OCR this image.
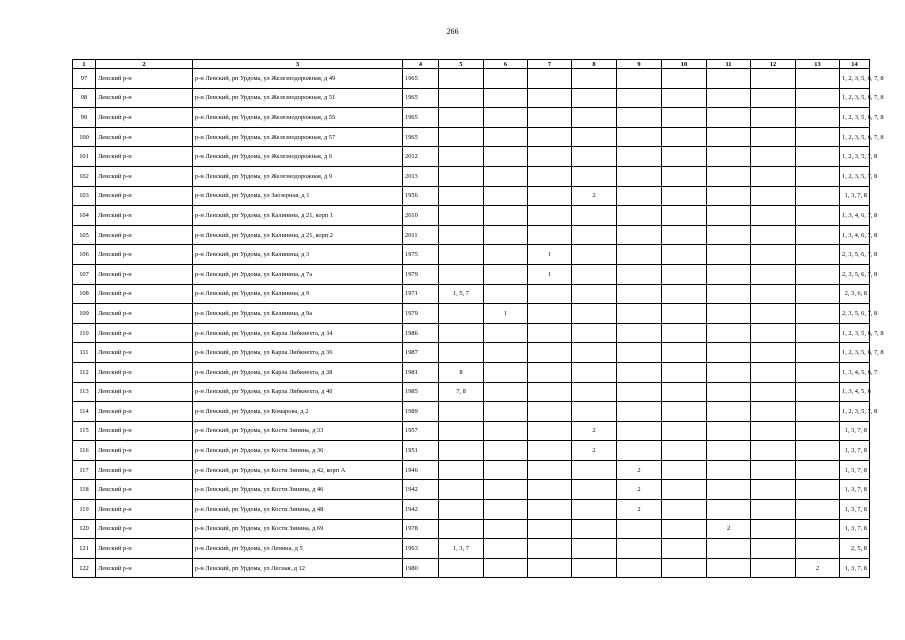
266
1	2	3	4	5	6	7	8	9	10	11	12	13	14
97	Ленский р-н	р-н Ленский, рп Урдома, ул Железнодорожная, д 49	1965										1, 2, 3, 5, 6, 7, 8
98	Ленский р-н	р-н Ленский, рп Урдома, ул Железнодорожная, д 51	1965										1, 2, 3, 5, 6, 7, 8
99	Ленский р-н	р-н Ленский, рп Урдома, ул Железнодорожная, д 55	1965										1, 2, 3, 5, 6, 7, 8
100	Ленский р-н	р-н Ленский, рп Урдома, ул Железнодорожная, д 57	1965										1, 2, 3, 5, 6, 7, 8
101	Ленский р-н	р-н Ленский, рп Урдома, ул Железнодорожная, д 6	2012										1, 2, 3, 5, 7, 8
102	Ленский р-н	р-н Ленский, рп Урдома, ул Железнодорожная, д 9	2013										1, 2, 3, 5, 7, 8
103	Ленский р-н	р-н Ленский, рп Урдома, ул Заозерная, д 1	1956				2						1, 3, 7, 8
104	Ленский р-н	р-н Ленский, рп Урдома, ул Калинина, д 21, корп 1	2010										1, 3, 4, 6, 7, 8
105	Ленский р-н	р-н Ленский, рп Урдома, ул Калинина, д 21, корп 2	2011										1, 3, 4, 6, 7, 8
106	Ленский р-н	р-н Ленский, рп Урдома, ул Калинина, д 3	1975			1							2, 3, 5, 6, 7, 8
107	Ленский р-н	р-н Ленский, рп Урдома, ул Калинина, д 7а	1979			1							2, 3, 5, 6, 7, 8
108	Ленский р-н	р-н Ленский, рп Урдома, ул Калинина, д 9	1971	1, 5, 7									2, 3, 6, 8
109	Ленский р-н	р-н Ленский, рп Урдома, ул Калинина, д 9а	1979		1								2, 3, 5, 6, 7, 8
110	Ленский р-н	р-н Ленский, рп Урдома, ул Карла Либкнехта, д 34	1986										1, 2, 3, 5, 6, 7, 8
111	Ленский р-н	р-н Ленский, рп Урдома, ул Карла Либкнехта, д 36	1987										1, 2, 3, 5, 6, 7, 8
112	Ленский р-н	р-н Ленский, рп Урдома, ул Карла Либкнехта, д 38	1981	8									1, 3, 4, 5, 6, 7
113	Ленский р-н	р-н Ленский, рп Урдома, ул Карла Либкнехта, д 40	1985	7, 8									1, 3, 4, 5, 6
114	Ленский р-н	р-н Ленский, рп Урдома, ул Комарова, д 2	1989										1, 2, 3, 5, 7, 8
115	Ленский р-н	р-н Ленский, рп Урдома, ул Кости Зинина, д 33	1957				2						1, 3, 7, 8
116	Ленский р-н	р-н Ленский, рп Урдома, ул Кости Зинина, д 36	1951				2						1, 3, 7, 8
117	Ленский р-н	р-н Ленский, рп Урдома, ул Кости Зинина, д 42, корп А	1946					2					1, 3, 7, 8
118	Ленский р-н	р-н Ленский, рп Урдома, ул Кости Зинина, д 46	1942					2					1, 3, 7, 8
119	Ленский р-н	р-н Ленский, рп Урдома, ул Кости Зинина, д 48	1942					2					1, 3, 7, 8
120	Ленский р-н	р-н Ленский, рп Урдома, ул Кости Зинина, д 69	1978							2			1, 3, 7, 8
121	Ленский р-н	р-н Ленский, рп Урдома, ул Ленина, д 5	1963	1, 3, 7									2, 5, 8
122	Ленский р-н	р-н Ленский, рп Урдома, ул Лесная, д 12	1980									2	1, 3, 7, 8
